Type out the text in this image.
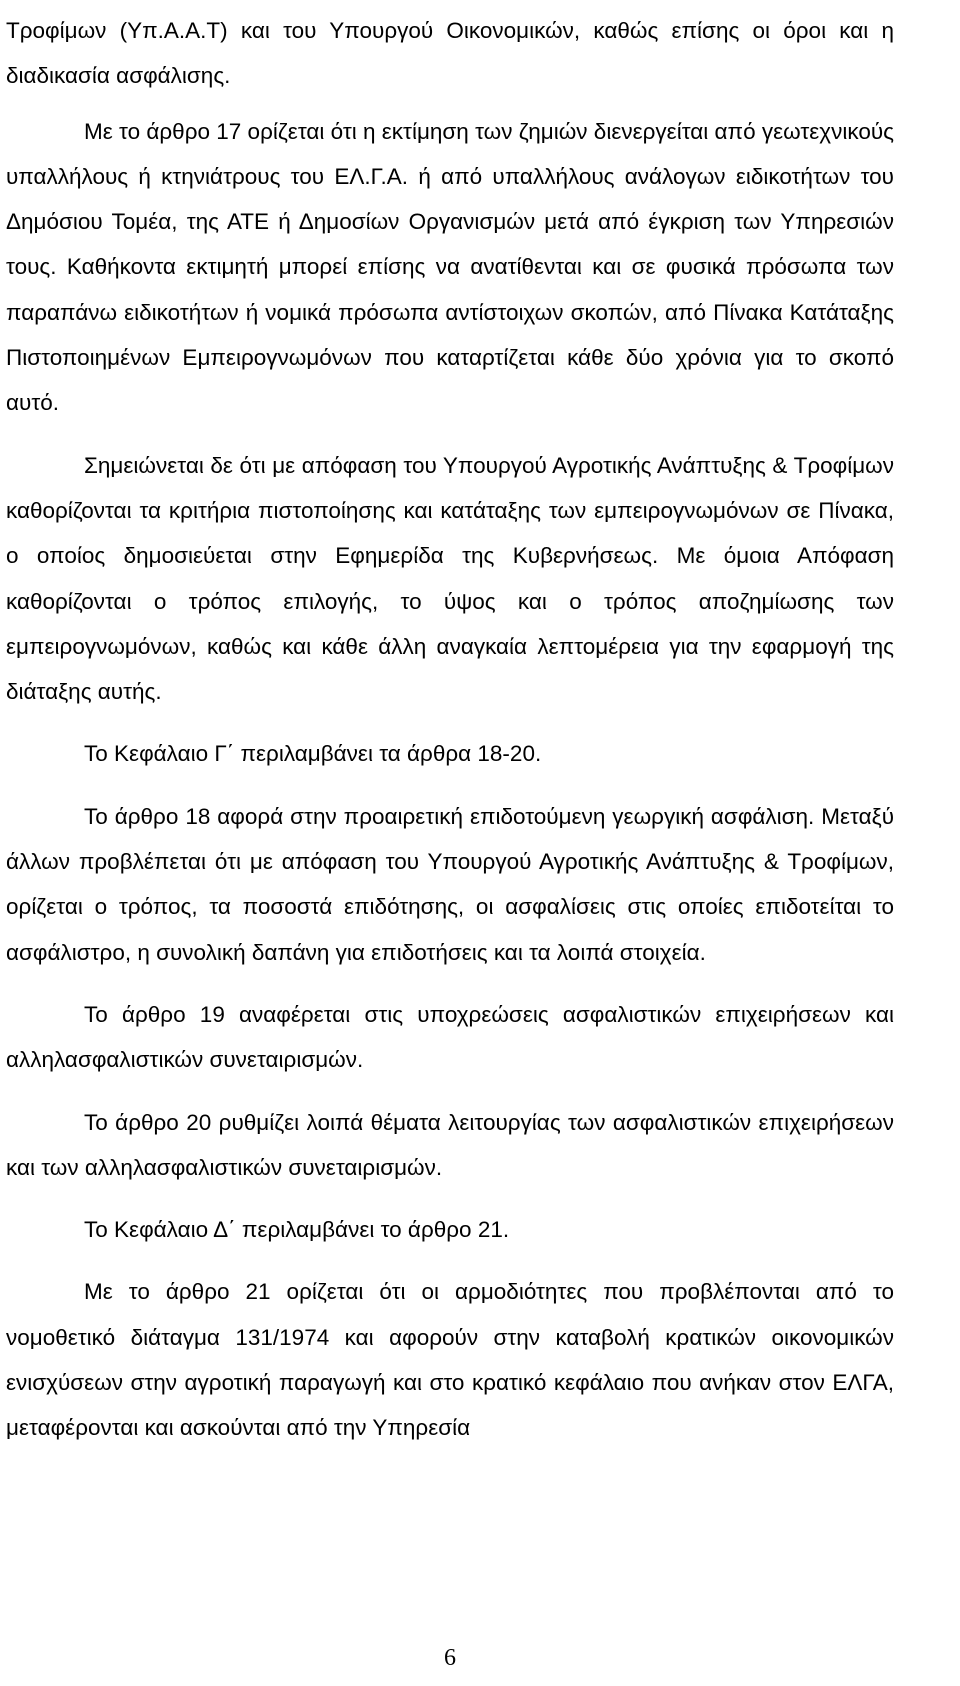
Τροφίμων (Υπ.Α.Α.Τ) και του Υπουργού Οικονομικών, καθώς επίσης οι όροι και η διαδικασία ασφάλισης.

Με το άρθρο 17 ορίζεται ότι η εκτίμηση των ζημιών διενεργείται από γεωτεχνικούς υπαλλήλους ή κτηνιάτρους του ΕΛ.Γ.Α. ή από υπαλλήλους ανάλογων ειδικοτήτων του Δημόσιου Τομέα, της ΑΤΕ ή Δημοσίων Οργανισμών μετά από έγκριση των Υπηρεσιών τους. Καθήκοντα εκτιμητή μπορεί επίσης να ανατίθενται και σε φυσικά πρόσωπα των παραπάνω ειδικοτήτων ή νομικά πρόσωπα αντίστοιχων σκοπών, από Πίνακα Κατάταξης Πιστοποιημένων Εμπειρογνωμόνων που καταρτίζεται κάθε δύο χρόνια για το σκοπό αυτό.

Σημειώνεται δε ότι με απόφαση του Υπουργού Αγροτικής Ανάπτυξης & Τροφίμων καθορίζονται τα κριτήρια πιστοποίησης και κατάταξης των εμπειρογνωμόνων σε Πίνακα, ο οποίος δημοσιεύεται στην Εφημερίδα της Κυβερνήσεως. Με όμοια Απόφαση καθορίζονται ο τρόπος επιλογής, το ύψος και ο τρόπος αποζημίωσης των εμπειρογνωμόνων, καθώς και κάθε άλλη αναγκαία λεπτομέρεια για την εφαρμογή της διάταξης αυτής.

Το Κεφάλαιο Γ΄ περιλαμβάνει τα άρθρα 18-20.

Το άρθρο 18 αφορά στην προαιρετική επιδοτούμενη γεωργική ασφάλιση. Μεταξύ άλλων προβλέπεται ότι με απόφαση του Υπουργού Αγροτικής Ανάπτυξης & Τροφίμων, ορίζεται ο τρόπος, τα ποσοστά επιδότησης, οι ασφαλίσεις στις οποίες επιδοτείται το ασφάλιστρο, η συνολική δαπάνη για επιδοτήσεις και τα λοιπά στοιχεία.

Το άρθρο 19 αναφέρεται στις υποχρεώσεις ασφαλιστικών επιχειρήσεων και αλληλασφαλιστικών συνεταιρισμών.

Το άρθρο 20 ρυθμίζει λοιπά θέματα λειτουργίας των ασφαλιστικών επιχειρήσεων και των αλληλασφαλιστικών συνεταιρισμών.

Το Κεφάλαιο Δ΄ περιλαμβάνει το άρθρο 21.

Με το άρθρο 21 ορίζεται ότι οι αρμοδιότητες που προβλέπονται από το νομοθετικό διάταγμα 131/1974 και αφορούν στην καταβολή κρατικών οικονομικών ενισχύσεων στην αγροτική παραγωγή και στο κρατικό κεφάλαιο που ανήκαν στον ΕΛΓΑ, μεταφέρονται και ασκούνται από την Υπηρεσία

6
